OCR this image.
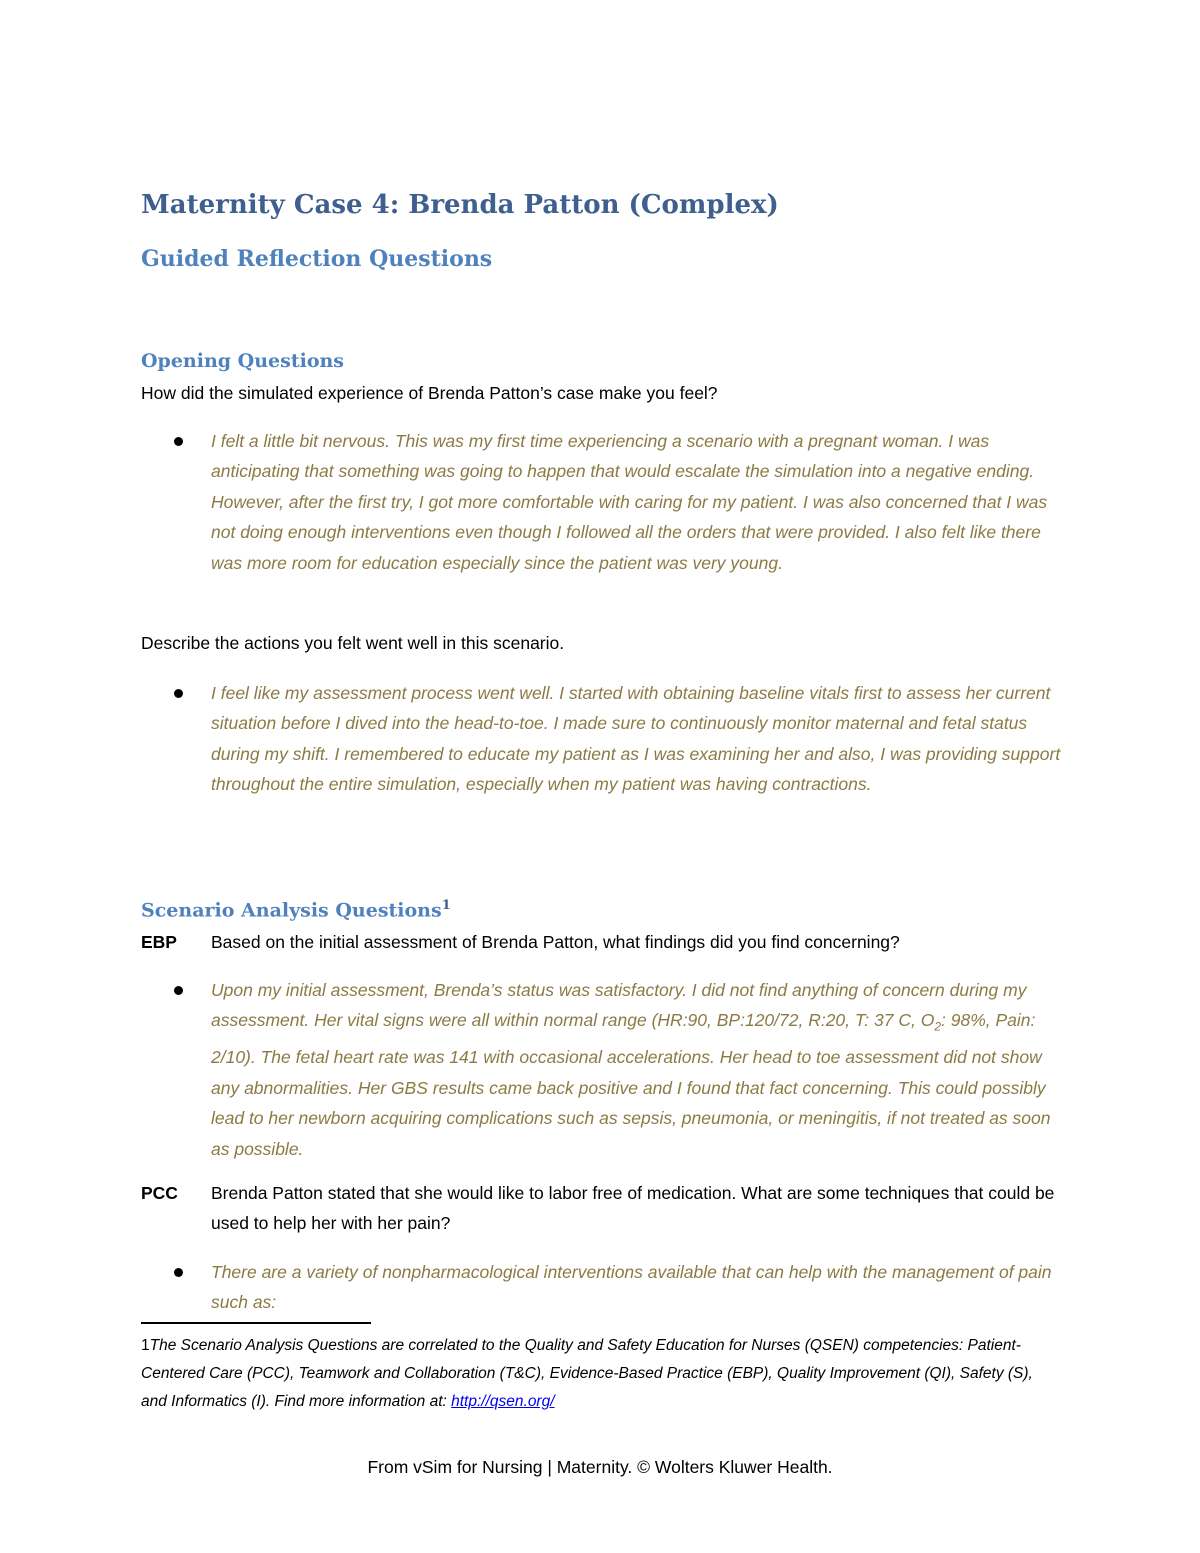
Maternity Case 4: Brenda Patton (Complex)
Guided Reflection Questions
Opening Questions

How did the simulated experience of Brenda Patton’s case make you feel?

I felt a little bit nervous. This was my first time experiencing a scenario with a pregnant woman. I was anticipating that something was going to happen that would escalate the simulation into a negative ending. However, after the first try, I got more comfortable with caring for my patient. I was also concerned that I was not doing enough interventions even though I followed all the orders that were provided. I also felt like there was more room for education especially since the patient was very young.

Describe the actions you felt went well in this scenario.

I feel like my assessment process went well. I started with obtaining baseline vitals first to assess her current situation before I dived into the head-to-toe. I made sure to continuously monitor maternal and fetal status during my shift. I remembered to educate my patient as I was examining her and also, I was providing support throughout the entire simulation, especially when my patient was having contractions.

Scenario Analysis Questions$^1$
EBP Based on the initial assessment of Brenda Patton, what findings did you find concerning?

Upon my initial assessment, Brenda’s status was satisfactory. I did not find anything of concern during my assessment. Her vital signs were all within normal range (HR:90, BP:120/72, R:20, T: 37 C, $O_2$: 98%, Pain: 2/10). The fetal heart rate was 141 with occasional accelerations. Her head to toe assessment did not show any abnormalities. Her GBS results came back positive and I found that fact concerning. This could possibly lead to her newborn acquiring complications such as sepsis, pneumonia, or meningitis, if not treated as soon as possible.

PCC Brenda Patton stated that she would like to labor free of medication. What are some techniques that could be used to help her with her pain?

There are a variety of nonpharmacological interventions available that can help with the management of pain such as:

1The Scenario Analysis Questions are correlated to the Quality and Safety Education for Nurses (QSEN) competencies: Patient-Centered Care (PCC), Teamwork and Collaboration (T&C), Evidence-Based Practice (EBP), Quality Improvement (QI), Safety (S), and Informatics (I). Find more information at: http://qsen.org/

From vSim for Nursing | Maternity. © Wolters Kluwer Health.
